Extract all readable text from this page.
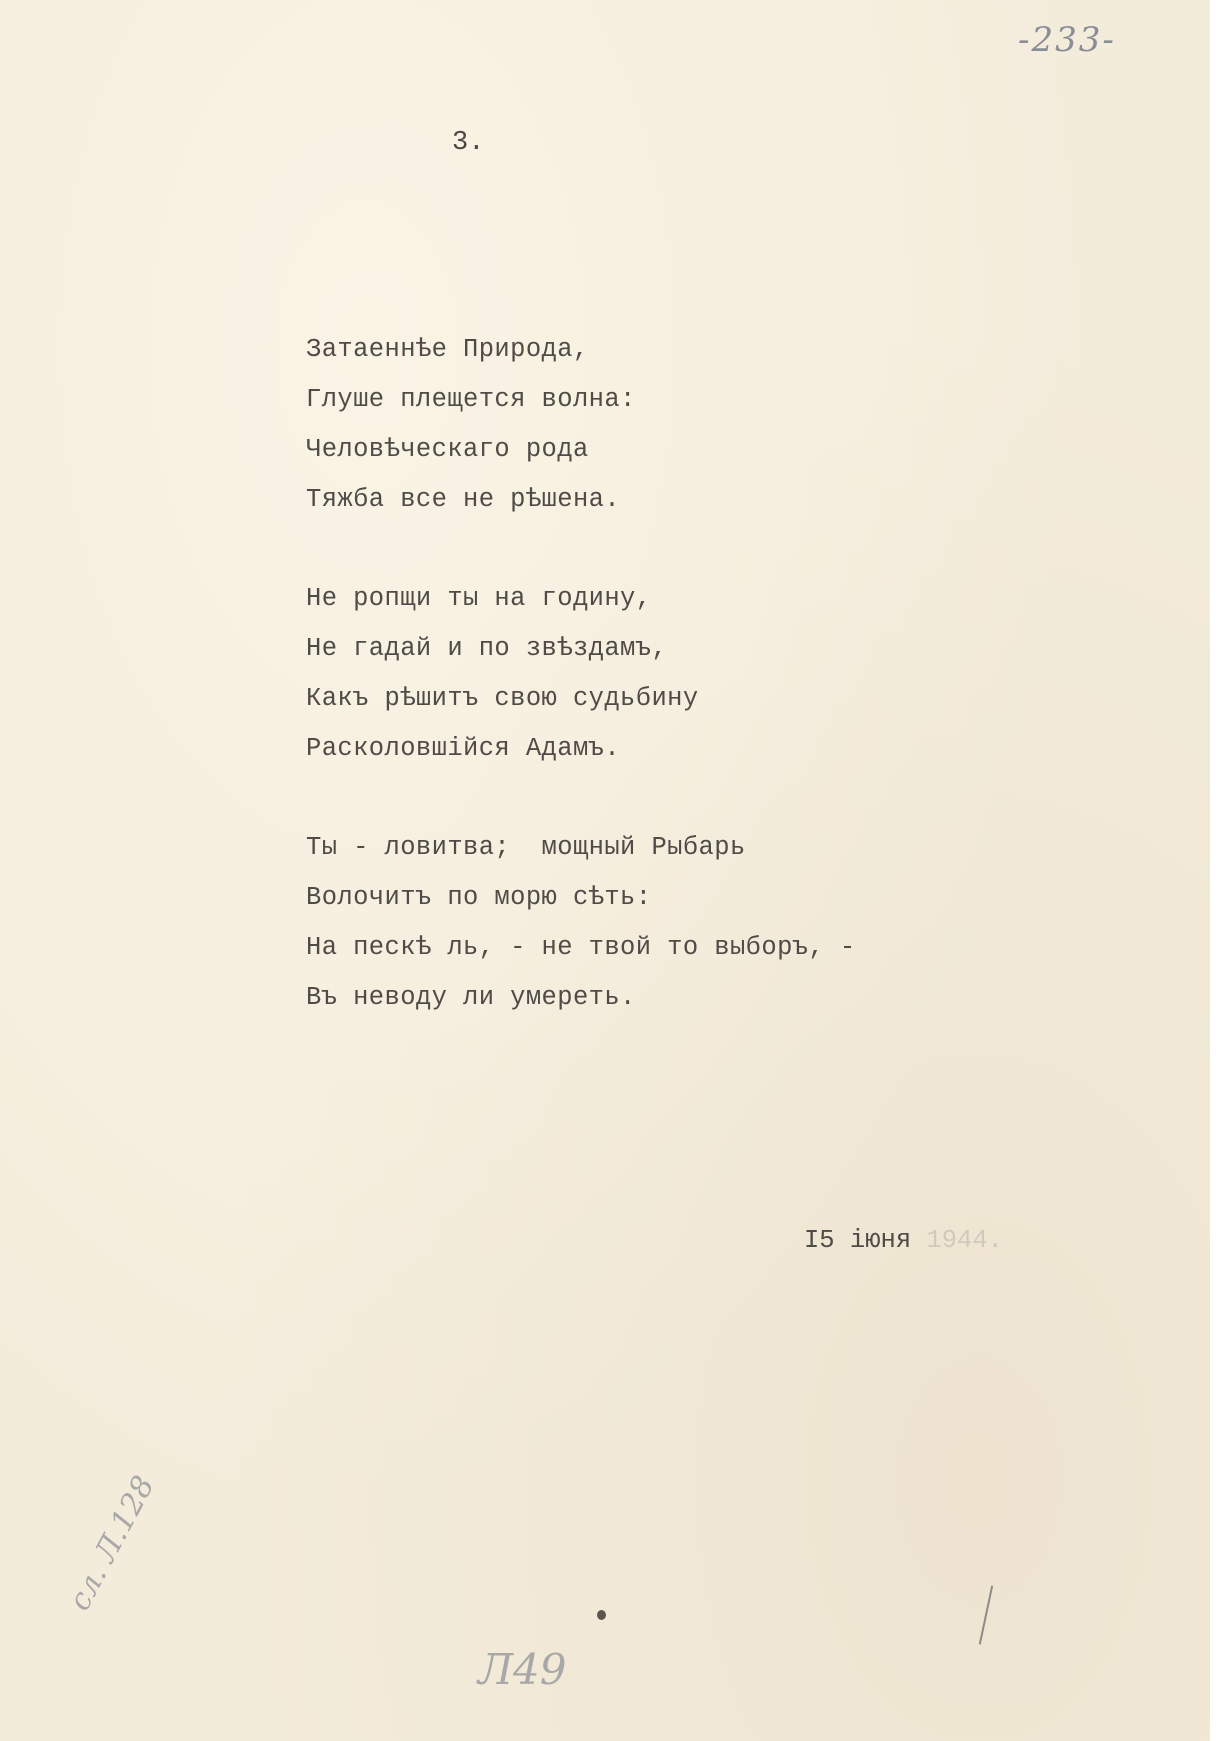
-233-
3.
Затаеннѣе Природа,
Глуше плещется волна:
Человѣческаго рода
Тяжба все не рѣшена.
Не ропщи ты на годину,
Не гадай и по звѣздамъ,
Какъ рѣшитъ свою судьбину
Расколовшійся Адамъ.
Ты - ловитва;  мощный Рыбарь
Волочитъ по морю сѣть:
На пескѣ ль, - не твой то выборъ, -
Въ неводу ли умереть.
I5 іюня 1944.
сл. Л.128
Л49
